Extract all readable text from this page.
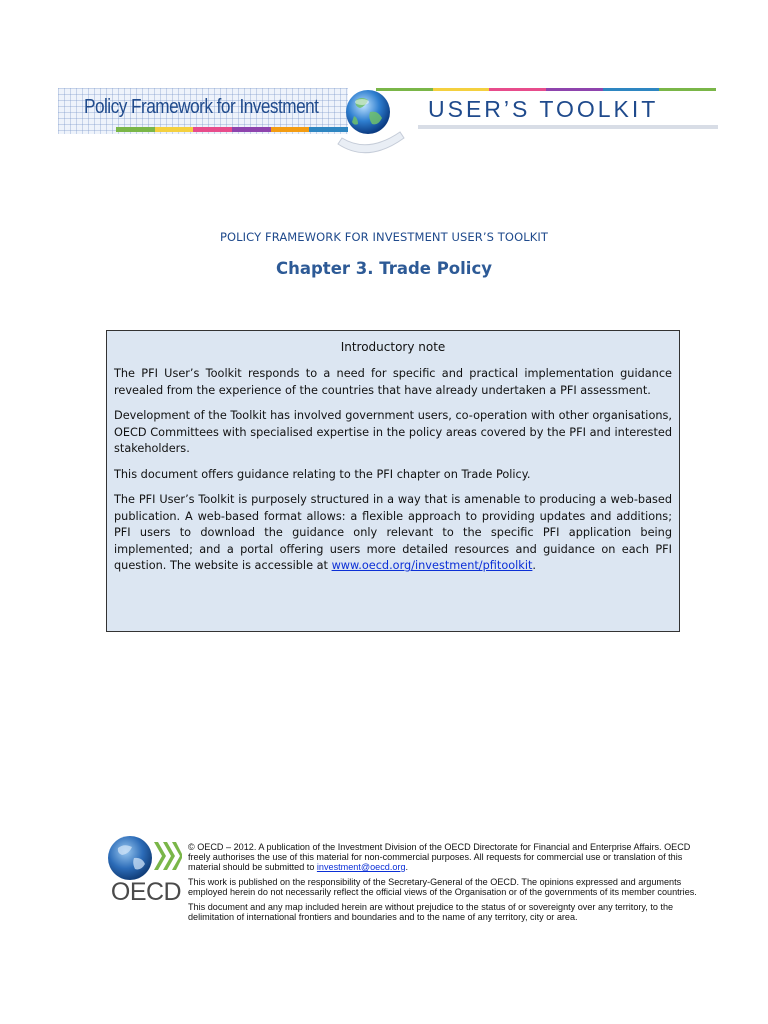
Policy Framework for Investment	USER’S TOOLKIT
POLICY FRAMEWORK FOR INVESTMENT USER’S TOOLKIT
Chapter 3. Trade Policy
Introductory note

The PFI User’s Toolkit responds to a need for specific and practical implementation guidance revealed from the experience of the countries that have already undertaken a PFI assessment.

Development of the Toolkit has involved government users, co-operation with other organisations, OECD Committees with specialised expertise in the policy areas covered by the PFI and interested stakeholders.

This document offers guidance relating to the PFI chapter on Trade Policy.

The PFI User’s Toolkit is purposely structured in a way that is amenable to producing a web-based publication. A web-based format allows: a flexible approach to providing updates and additions; PFI users to download the guidance only relevant to the specific PFI application being implemented; and a portal offering users more detailed resources and guidance on each PFI question. The website is accessible at www.oecd.org/investment/pfitoolkit.

OECD

© OECD – 2012. A publication of the Investment Division of the OECD Directorate for Financial and Enterprise Affairs. OECD freely authorises the use of this material for non-commercial purposes. All requests for commercial use or translation of this material should be submitted to investment@oecd.org.

This work is published on the responsibility of the Secretary-General of the OECD. The opinions expressed and arguments employed herein do not necessarily reflect the official views of the Organisation or of the governments of its member countries.

This document and any map included herein are without prejudice to the status of or sovereignty over any territory, to the delimitation of international frontiers and boundaries and to the name of any territory, city or area.
